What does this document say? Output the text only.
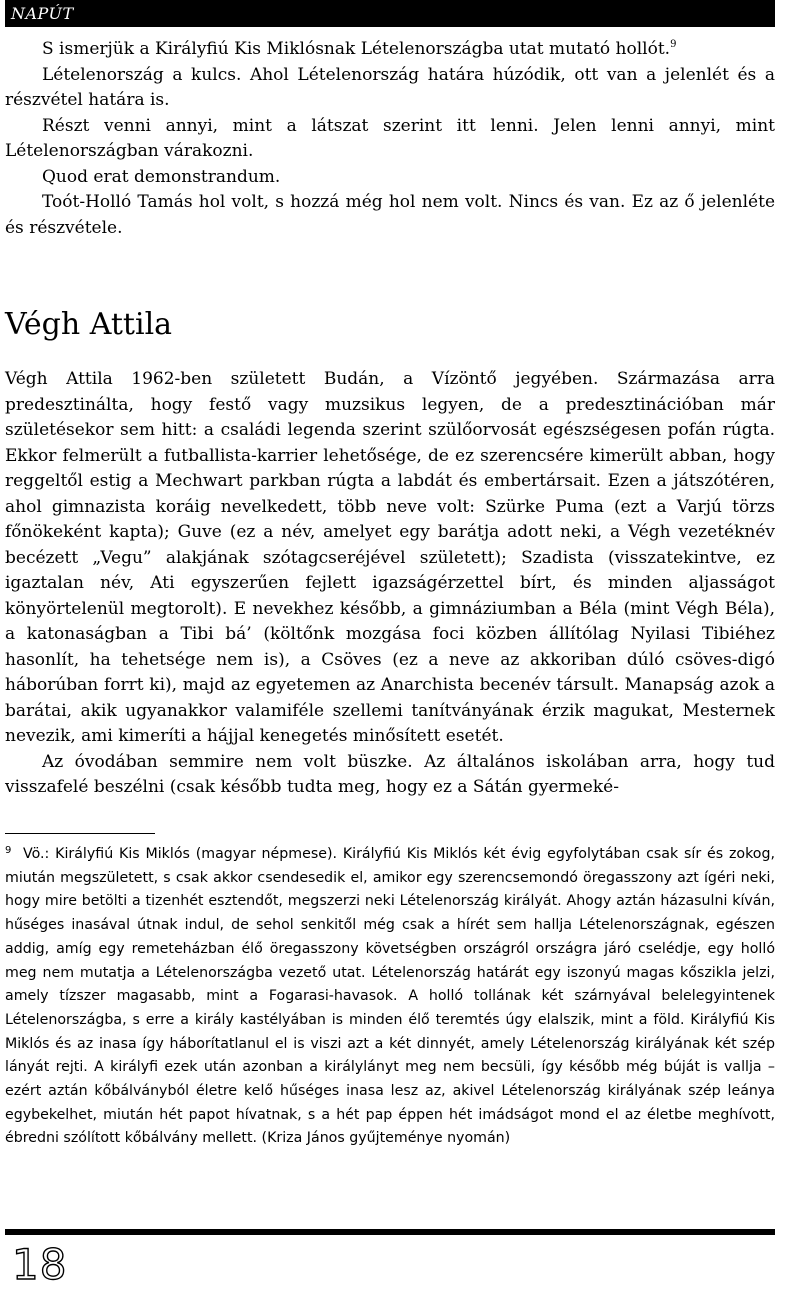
NAPÚT

S ismerjük a Királyfiú Kis Miklósnak Lételenországba utat mutató hollót.$^9$

Lételenország a kulcs. Ahol Lételenország határa húzódik, ott van a jelenlét és a részvétel határa is.

Részt venni annyi, mint a látszat szerint itt lenni. Jelen lenni annyi, mint Lételenországban várakozni.

Quod erat demonstrandum.

Toót-Holló Tamás hol volt, s hozzá még hol nem volt. Nincs és van. Ez az ő jelenléte és részvétele.

Végh Attila

Végh Attila 1962-ben született Budán, a Vízöntő jegyében. Származása arra predesztinálta, hogy festő vagy muzsikus legyen, de a predesztinációban már születésekor sem hitt: a családi legenda szerint szülőorvosát egészségesen pofán rúgta. Ekkor felmerült a futballista-karrier lehetősége, de ez szerencsére kimerült abban, hogy reggeltől estig a Mechwart parkban rúgta a labdát és embertársait. Ezen a játszótéren, ahol gimnazista koráig nevelkedett, több neve volt: Szürke Puma (ezt a Varjú törzs főnökeként kapta); Guve (ez a név, amelyet egy barátja adott neki, a Végh vezetéknév becézett „Vegu” alakjának szótagcseréjével született); Szadista (visszatekintve, ez igaztalan név, Ati egyszerűen fejlett igazságérzettel bírt, és minden aljasságot könyörtelenül megtorolt). E nevekhez később, a gimnáziumban a Béla (mint Végh Béla), a katonaságban a Tibi bá’ (költőnk mozgása foci közben állítólag Nyilasi Tibiéhez hasonlít, ha tehetsége nem is), a Csöves (ez a neve az akkoriban dúló csöves-digó háborúban forrt ki), majd az egyetemen az Anarchista becenév társult. Manapság azok a barátai, akik ugyanakkor valamiféle szellemi tanítványának érzik magukat, Mesternek nevezik, ami kimeríti a hájjal kenegetés minősített esetét.

Az óvodában semmire nem volt büszke. Az általános iskolában arra, hogy tud visszafelé beszélni (csak később tudta meg, hogy ez a Sátán gyermeké-

9 Vö.: Királyfiú Kis Miklós (magyar népmese). Királyfiú Kis Miklós két évig egyfolytában csak sír és zokog, miután megszületett, s csak akkor csendesedik el, amikor egy szerencsemondó öregasszony azt ígéri neki, hogy mire betölti a tizenhét esztendőt, megszerzi neki Lételenország királyát. Ahogy aztán házasulni kíván, hűséges inasával útnak indul, de sehol senkitől még csak a hírét sem hallja Lételenországnak, egészen addig, amíg egy remeteházban élő öregasszony követségben országról országra járó cselédje, egy holló meg nem mutatja a Lételenországba vezető utat. Lételenország határát egy iszonyú magas kőszikla jelzi, amely tízszer magasabb, mint a Fogarasi-havasok. A holló tollának két szárnyával belelegyintenek Lételenországba, s erre a király kastélyában is minden élő teremtés úgy elalszik, mint a föld. Királyfiú Kis Miklós és az inasa így háborítatlanul el is viszi azt a két dinnyét, amely Lételenország királyának két szép lányát rejti. A királyfi ezek után azonban a királylányt meg nem becsüli, így később még búját is vallja – ezért aztán kőbálványból életre kelő hűséges inasa lesz az, akivel Lételenország királyának szép leánya egybekelhet, miután hét papot hívatnak, s a hét pap éppen hét imádságot mond el az életbe meghívott, ébredni szólított kőbálvány mellett. (Kriza János gyűjteménye nyomán)
18
